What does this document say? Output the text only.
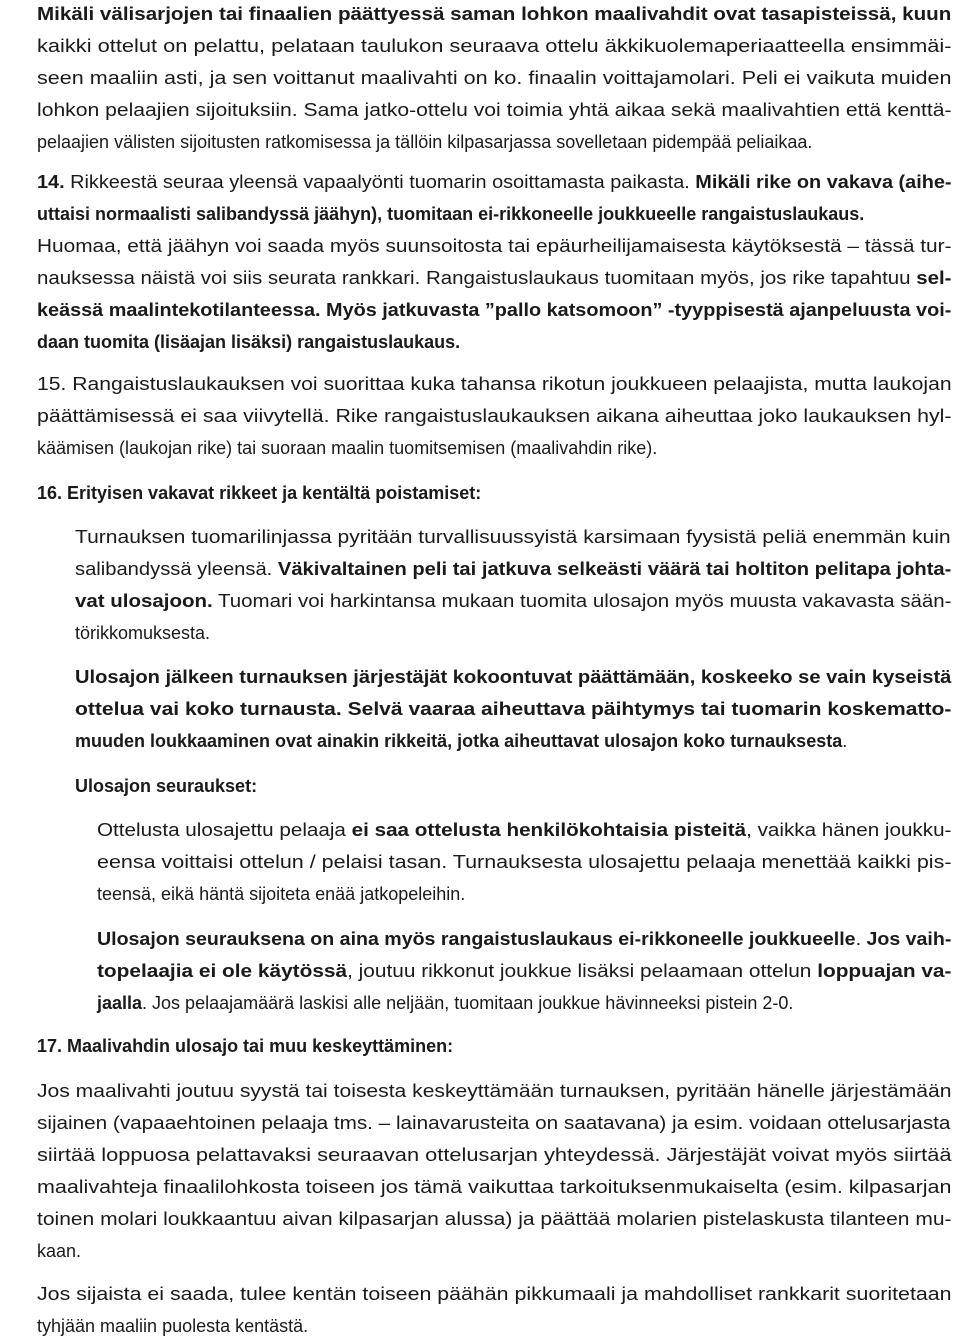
Mikäli välisarjojen tai finaalien päättyessä saman lohkon maalivahdit ovat tasapisteissä, kuun
kaikki ottelut on pelattu, pelataan taulukon seuraava ottelu äkkikuolemaperiaatteella ensimmäi-
seen maaliin asti, ja sen voittanut maalivahti on ko. finaalin voittajamolari. Peli ei vaikuta muiden
lohkon pelaajien sijoituksiin. Sama jatko-ottelu voi toimia yhtä aikaa sekä maalivahtien että kenttä-
pelaajien välisten sijoitusten ratkomisessa ja tällöin kilpasarjassa sovelletaan pidempää peliaikaa.
14. Rikkeestä seuraa yleensä vapaalyönti tuomarin osoittamasta paikasta. Mikäli rike on vakava (aihe-
uttaisi normaalisti salibandyssä jäähyn), tuomitaan ei-rikkoneelle joukkueelle rangaistuslaukaus.
Huomaa, että jäähyn voi saada myös suunsoitosta tai epäurheilijamaisesta käytöksestä – tässä tur-
nauksessa näistä voi siis seurata rankkari. Rangaistuslaukaus tuomitaan myös, jos rike tapahtuu sel-
keässä maalintekotilanteessa. Myös jatkuvasta ”pallo katsomoon” -tyyppisestä ajanpeluusta voi-
daan tuomita (lisäajan lisäksi) rangaistuslaukaus.
15. Rangaistuslaukauksen voi suorittaa kuka tahansa rikotun joukkueen pelaajista, mutta laukojan
päättämisessä ei saa viivytellä. Rike rangaistuslaukauksen aikana aiheuttaa joko laukauksen hyl-
käämisen (laukojan rike) tai suoraan maalin tuomitsemisen (maalivahdin rike).
16. Erityisen vakavat rikkeet ja kentältä poistamiset:
Turnauksen tuomarilinjassa pyritään turvallisuussyistä karsimaan fyysistä peliä enemmän kuin
salibandyssä yleensä. Väkivaltainen peli tai jatkuva selkeästi väärä tai holtiton pelitapa johta-
vat ulosajoon. Tuomari voi harkintansa mukaan tuomita ulosajon myös muusta vakavasta sään-
törikkomuksesta.
Ulosajon jälkeen turnauksen järjestäjät kokoontuvat päättämään, koskeeko se vain kyseistä
ottelua vai koko turnausta. Selvä vaaraa aiheuttava päihtymys tai tuomarin koskematto-
muuden loukkaaminen ovat ainakin rikkeitä, jotka aiheuttavat ulosajon koko turnauksesta.
Ulosajon seuraukset:
Ottelusta ulosajettu pelaaja ei saa ottelusta henkilökohtaisia pisteitä, vaikka hänen joukku-
eensa voittaisi ottelun / pelaisi tasan. Turnauksesta ulosajettu pelaaja menettää kaikki pis-
teensä, eikä häntä sijoiteta enää jatkopeleihin.
Ulosajon seurauksena on aina myös rangaistuslaukaus ei-rikkoneelle joukkueelle. Jos vaih-
topelaajia ei ole käytössä, joutuu rikkonut joukkue lisäksi pelaamaan ottelun loppuajan va-
jaalla. Jos pelaajamäärä laskisi alle neljään, tuomitaan joukkue hävinneeksi pistein 2-0.
17. Maalivahdin ulosajo tai muu keskeyttäminen:
Jos maalivahti joutuu syystä tai toisesta keskeyttämään turnauksen, pyritään hänelle järjestämään
sijainen (vapaaehtoinen pelaaja tms. – lainavarusteita on saatavana) ja esim. voidaan ottelusarjasta
siirtää loppuosa pelattavaksi seuraavan ottelusarjan yhteydessä. Järjestäjät voivat myös siirtää
maalivahteja finaalilohkosta toiseen jos tämä vaikuttaa tarkoituksenmukaiselta (esim. kilpasarjan
toinen molari loukkaantuu aivan kilpasarjan alussa) ja päättää molarien pistelaskusta tilanteen mu-
kaan.
Jos sijaista ei saada, tulee kentän toiseen päähän pikkumaali ja mahdolliset rankkarit suoritetaan
tyhjään maaliin puolesta kentästä.
